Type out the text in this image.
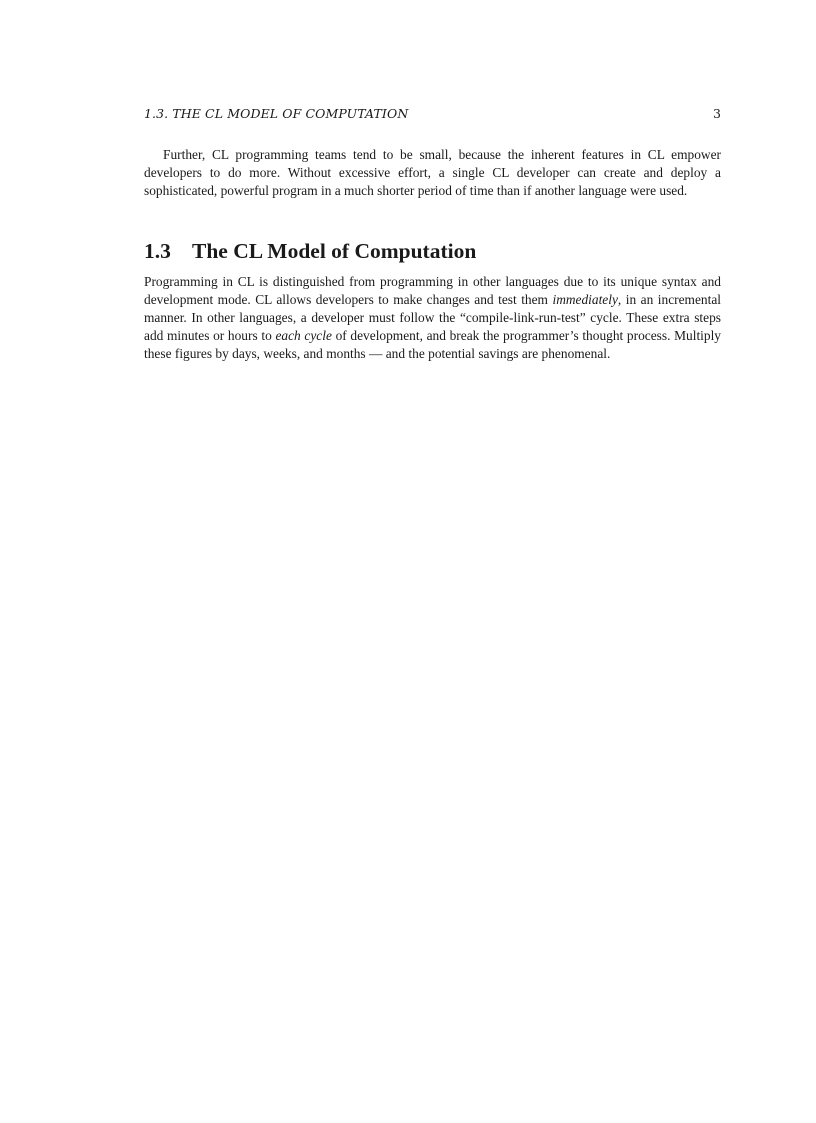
1.3. THE CL MODEL OF COMPUTATION	3

Further, CL programming teams tend to be small, because the inherent features in CL empower developers to do more. Without excessive effort, a single CL developer can create and deploy a sophisticated, powerful program in a much shorter period of time than if another language were used.

1.3 The CL Model of Computation

Programming in CL is distinguished from programming in other languages due to its unique syntax and development mode. CL allows developers to make changes and test them immediately, in an incremental manner. In other languages, a developer must follow the “compile-link-run-test” cycle. These extra steps add minutes or hours to each cycle of development, and break the programmer’s thought process. Multiply these figures by days, weeks, and months — and the potential savings are phenomenal.
